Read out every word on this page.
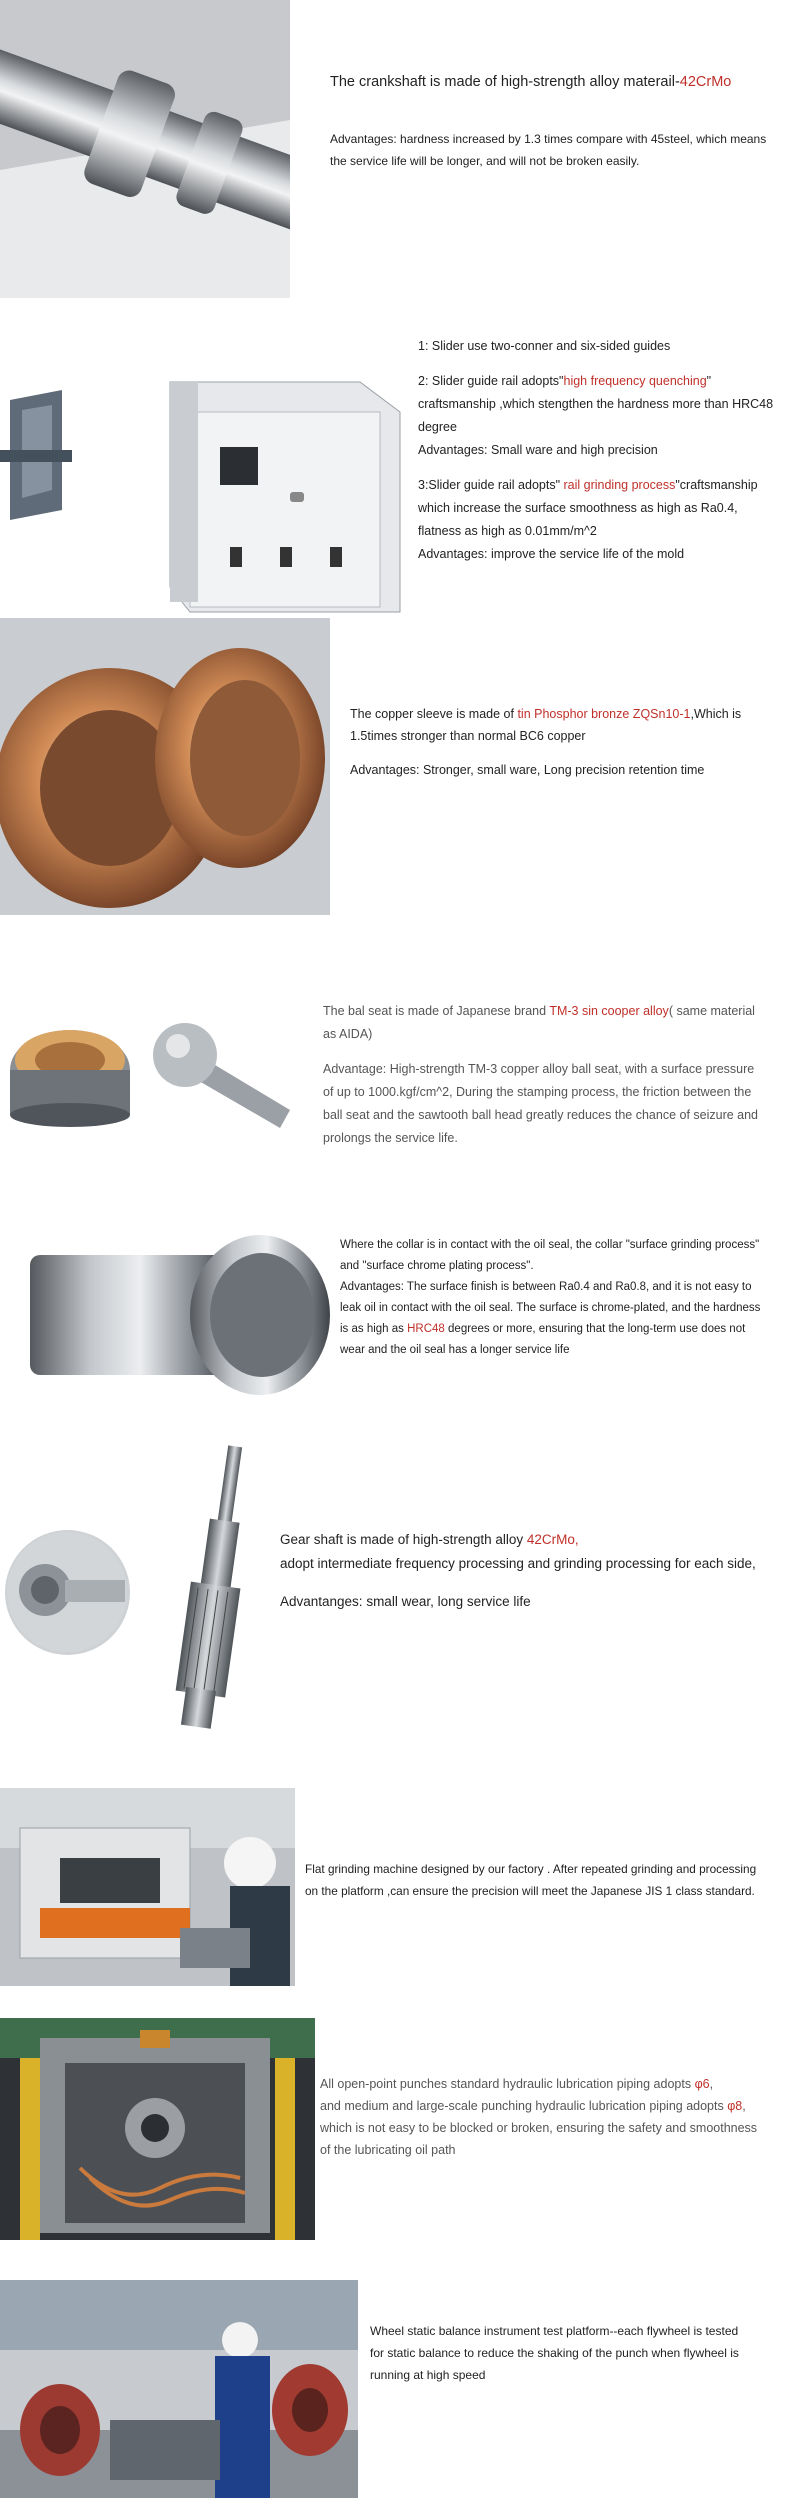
The crankshaft is made of high-strength alloy materail-42CrMo

Advantages: hardness increased by 1.3 times compare with 45steel, which means

the service life will be longer, and will not be broken easily.

1: Slider use two-conner and six-sided guides

2: Slider guide rail adopts"high frequency quenching"

craftsmanship ,which stengthen the hardness more than HRC48

degree

Advantages: Small ware and high precision

3:Slider guide rail adopts" rail grinding process"craftsmanship

which increase the surface smoothness as high as Ra0.4,

flatness as high as 0.01mm/m^2

Advantages: improve the service life of the mold

The copper sleeve is made of tin Phosphor bronze ZQSn10-1,Which is

1.5times stronger than normal BC6 copper

Advantages: Stronger, small ware, Long precision retention time

The bal seat is made of Japanese brand TM-3 sin cooper alloy( same material

as AIDA)

Advantage: High-strength TM-3 copper alloy ball seat, with a surface pressure

of up to 1000.kgf/cm^2, During the stamping process, the friction between the

ball seat and the sawtooth ball head greatly reduces the chance of seizure and

prolongs the service life.

Where the collar is in contact with the oil seal, the collar "surface grinding process"

and "surface chrome plating process".

Advantages: The surface finish is between Ra0.4 and Ra0.8, and it is not easy to

leak oil in contact with the oil seal. The surface is chrome-plated, and the hardness

is as high as HRC48 degrees or more, ensuring that the long-term use does not

wear and the oil seal has a longer service life

Gear shaft is made of high-strength alloy 42CrMo,

adopt intermediate frequency processing and grinding processing for each side,

Advantanges: small wear, long service life

Flat grinding machine designed by our factory . After repeated grinding and processing

on the platform ,can ensure the precision will meet the Japanese JIS 1 class standard.

All open-point punches standard hydraulic lubrication piping adopts φ6,

and medium and large-scale punching hydraulic lubrication piping adopts φ8,

which is not easy to be blocked or broken, ensuring the safety and smoothness

of the lubricating oil path

Wheel static balance instrument test platform--each flywheel is tested

for static balance to reduce the shaking of the punch when flywheel is

running at high speed
